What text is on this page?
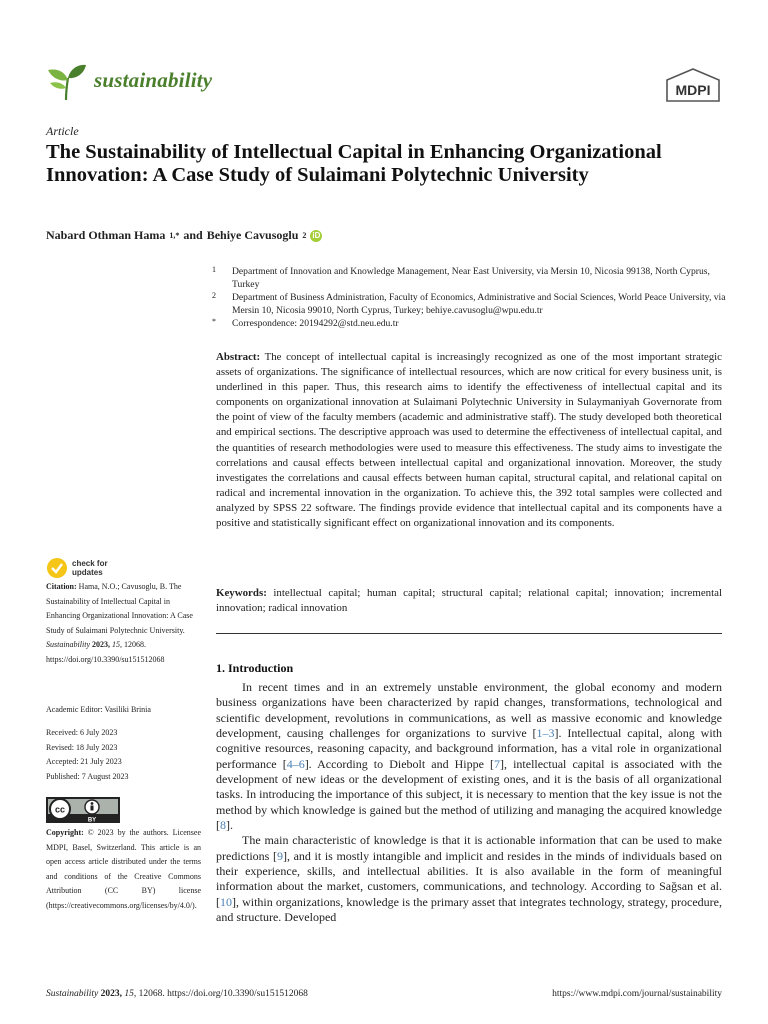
sustainability	MDPI
Article
The Sustainability of Intellectual Capital in Enhancing Organizational Innovation: A Case Study of Sulaimani Polytechnic University
Nabard Othman Hama 1,* and Behiye Cavusoglu 2 iD
1 Department of Innovation and Knowledge Management, Near East University, via Mersin 10, Nicosia 99138, North Cyprus, Turkey
2 Department of Business Administration, Faculty of Economics, Administrative and Social Sciences, World Peace University, via Mersin 10, Nicosia 99010, North Cyprus, Turkey; behiye.cavusoglu@wpu.edu.tr
* Correspondence: 20194292@std.neu.edu.tr
Abstract: The concept of intellectual capital is increasingly recognized as one of the most important strategic assets of organizations. The significance of intellectual resources, which are now critical for every business unit, is underlined in this paper. Thus, this research aims to identify the effectiveness of intellectual capital and its components on organizational innovation at Sulaimani Polytechnic University in Sulaymaniyah Governorate from the point of view of the faculty members (academic and administrative staff). The study developed both theoretical and empirical sections. The descriptive approach was used to determine the effectiveness of intellectual capital, and the quantities of research methodologies were used to measure this effectiveness. The study aims to investigate the correlations and causal effects between intellectual capital and organizational innovation. Moreover, the study investigates the correlations and causal effects between human capital, structural capital, and relational capital on radical and incremental innovation in the organization. To achieve this, the 392 total samples were collected and analyzed by SPSS 22 software. The findings provide evidence that intellectual capital and its components have a positive and statistically significant effect on organizational innovation and its components.
Keywords: intellectual capital; human capital; structural capital; relational capital; innovation; incremental innovation; radical innovation
1. Introduction

In recent times and in an extremely unstable environment, the global economy and modern business organizations have been characterized by rapid changes, transformations, technological and scientific development, revolutions in communications, as well as massive economic and knowledge development, causing challenges for organizations to survive [1–3]. Intellectual capital, along with cognitive resources, reasoning capacity, and background information, has a vital role in organizational performance [4–6]. According to Diebolt and Hippe [7], intellectual capital is associated with the development of new ideas or the development of existing ones, and it is the basis of all organizational tasks. In introducing the importance of this subject, it is necessary to mention that the key issue is not the method by which knowledge is gained but the method of utilizing and managing the acquired knowledge [8].

The main characteristic of knowledge is that it is actionable information that can be used to make predictions [9], and it is mostly intangible and implicit and resides in the minds of individuals based on their experience, skills, and intellectual abilities. It is also available in the form of meaningful information about the market, customers, communications, and technology. According to Sağsan et al. [10], within organizations, knowledge is the primary asset that integrates technology, strategy, procedure, and structure. Developed

check for
updates
Citation: Hama, N.O.; Cavusoglu, B. The Sustainability of Intellectual Capital in Enhancing Organizational Innovation: A Case Study of Sulaimani Polytechnic University. Sustainability 2023, 15, 12068. https://doi.org/10.3390/su151512068
Academic Editor: Vasiliki Brinia
Received: 6 July 2023
Revised: 18 July 2023
Accepted: 21 July 2023
Published: 7 August 2023
cc
BY
Copyright: © 2023 by the authors. Licensee MDPI, Basel, Switzerland. This article is an open access article distributed under the terms and conditions of the Creative Commons Attribution (CC BY) license (https://creativecommons.org/licenses/by/4.0/).
Sustainability 2023, 15, 12068. https://doi.org/10.3390/su151512068	https://www.mdpi.com/journal/sustainability
